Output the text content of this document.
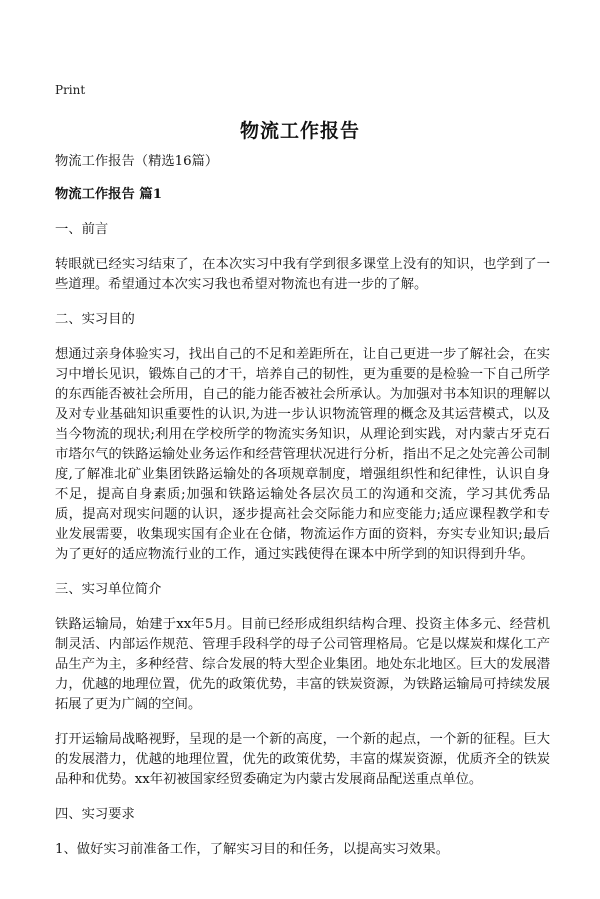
Print
物流工作报告

物流工作报告（精选16篇）

物流工作报告 篇1

一、前言

转眼就已经实习结束了，在本次实习中我有学到很多课堂上没有的知识，也学到了一些道理。希望通过本次实习我也希望对物流也有进一步的了解。

二、实习目的

想通过亲身体验实习，找出自己的不足和差距所在，让自己更进一步了解社会，在实习中增长见识，锻炼自己的才干，培养自己的韧性，更为重要的是检验一下自己所学的东西能否被社会所用，自己的能力能否被社会所承认。为加强对书本知识的理解以及对专业基础知识重要性的认识,为进一步认识物流管理的概念及其运营模式，以及当今物流的现状;利用在学校所学的物流实务知识，从理论到实践，对内蒙古牙克石市塔尔气的铁路运输处业务运作和经营管理状况进行分析，指出不足之处完善公司制度,了解准北矿业集团铁路运输处的各项规章制度，增强组织性和纪律性，认识自身不足，提高自身素质;加强和铁路运输处各层次员工的沟通和交流，学习其优秀品质，提高对现实问题的认识，逐步提高社会交际能力和应变能力;适应课程教学和专业发展需要，收集现实国有企业在仓储，物流运作方面的资料，夯实专业知识;最后为了更好的适应物流行业的工作，通过实践使得在课本中所学到的知识得到升华。

三、实习单位简介

铁路运输局，始建于xx年5月。目前已经形成组织结构合理、投资主体多元、经营机制灵活、内部运作规范、管理手段科学的母子公司管理格局。它是以煤炭和煤化工产品生产为主，多种经营、综合发展的特大型企业集团。地处东北地区。巨大的发展潜力，优越的地理位置，优先的政策优势，丰富的铁炭资源，为铁路运输局可持续发展拓展了更为广阔的空间。

打开运输局战略视野，呈现的是一个新的高度，一个新的起点，一个新的征程。巨大的发展潜力，优越的地理位置，优先的政策优势，丰富的煤炭资源，优质齐全的铁炭品种和优势。xx年初被国家经贸委确定为内蒙古发展商品配送重点单位。

四、实习要求

1、做好实习前准备工作，了解实习目的和任务，以提高实习效果。
